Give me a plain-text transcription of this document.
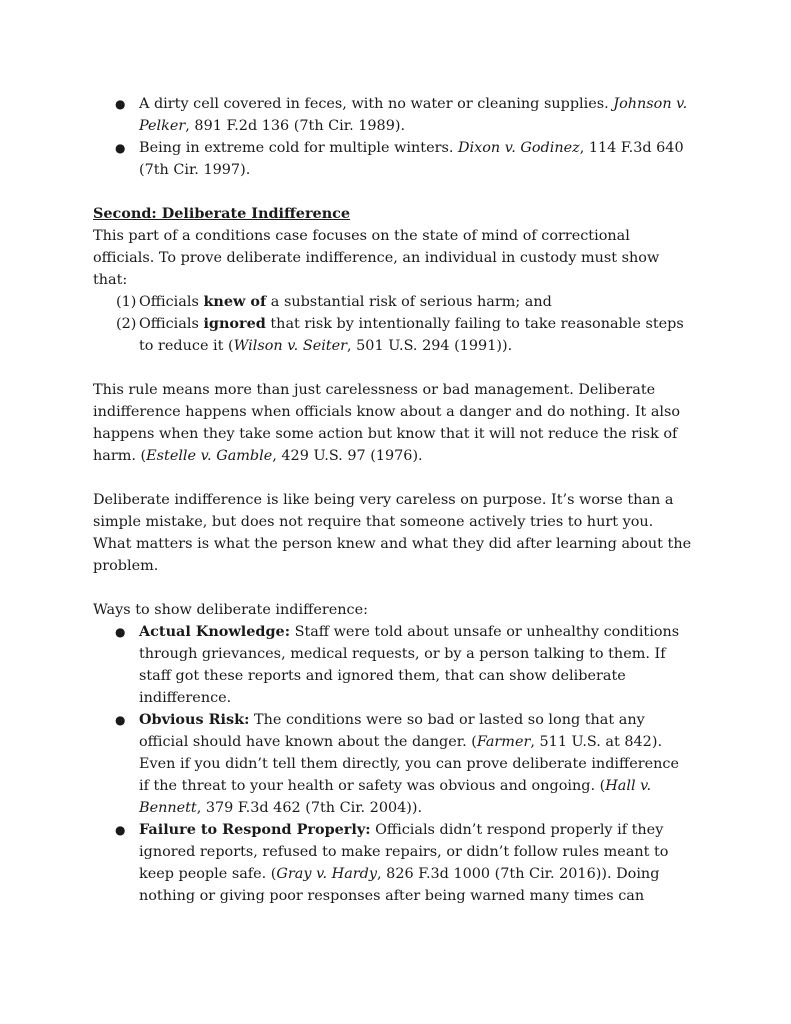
● A dirty cell covered in feces, with no water or cleaning supplies. Johnson v. Pelker, 891 F.2d 136 (7th Cir. 1989).
● Being in extreme cold for multiple winters. Dixon v. Godinez, 114 F.3d 640 (7th Cir. 1997).
Second: Deliberate Indifference

This part of a conditions case focuses on the state of mind of correctional officials. To prove deliberate indifference, an individual in custody must show that:

(1) Officials knew of a substantial risk of serious harm; and
(2) Officials ignored that risk by intentionally failing to take reasonable steps to reduce it (Wilson v. Seiter, 501 U.S. 294 (1991)).

This rule means more than just carelessness or bad management. Deliberate indifference happens when officials know about a danger and do nothing. It also happens when they take some action but know that it will not reduce the risk of harm. (Estelle v. Gamble, 429 U.S. 97 (1976).

Deliberate indifference is like being very careless on purpose. It’s worse than a simple mistake, but does not require that someone actively tries to hurt you. What matters is what the person knew and what they did after learning about the problem.

Ways to show deliberate indifference:

● Actual Knowledge: Staff were told about unsafe or unhealthy conditions through grievances, medical requests, or by a person talking to them. If staff got these reports and ignored them, that can show deliberate indifference.
● Obvious Risk: The conditions were so bad or lasted so long that any official should have known about the danger. (Farmer, 511 U.S. at 842). Even if you didn’t tell them directly, you can prove deliberate indifference if the threat to your health or safety was obvious and ongoing. (Hall v. Bennett, 379 F.3d 462 (7th Cir. 2004)).
● Failure to Respond Properly: Officials didn’t respond properly if they ignored reports, refused to make repairs, or didn’t follow rules meant to keep people safe. (Gray v. Hardy, 826 F.3d 1000 (7th Cir. 2016)). Doing nothing or giving poor responses after being warned many times can
